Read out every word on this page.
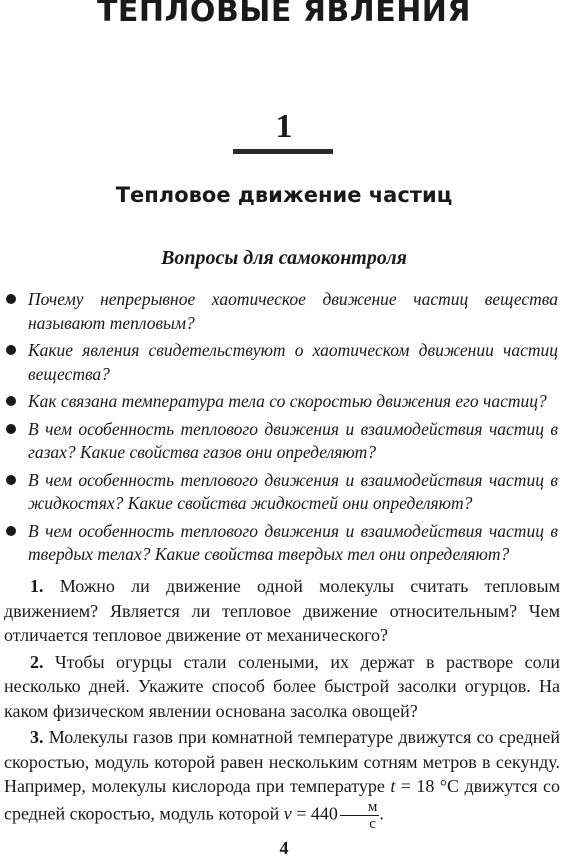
ТЕПЛОВЫЕ ЯВЛЕНИЯ
1
Тепловое движение частиц
Вопросы для самоконтроля
Почему непрерывное хаотическое движение частиц вещества называют тепловым?
Какие явления свидетельствуют о хаотическом движении частиц вещества?
Как связана температура тела со скоростью движения его частиц?
В чем особенность теплового движения и взаимодействия частиц в газах? Какие свойства газов они определяют?
В чем особенность теплового движения и взаимодействия частиц в жидкостях? Какие свойства жидкостей они определяют?
В чем особенность теплового движения и взаимодействия частиц в твердых телах? Какие свойства твердых тел они определяют?

1. Можно ли движение одной молекулы считать тепловым движением? Является ли тепловое движение относительным? Чем отличается тепловое движение от механического?

2. Чтобы огурцы стали солеными, их держат в растворе соли несколько дней. Укажите способ более быстрой засолки огурцов. На каком физическом явлении основана засолка овощей?

3. Молекулы газов при комнатной температуре движутся со средней скоростью, модуль которой равен нескольким сотням метров в секунду. Например, молекулы кислорода при температуре t = 18 °C движутся со средней скоростью, модуль которой $v = 440 \frac{м}{с}$ .

4
